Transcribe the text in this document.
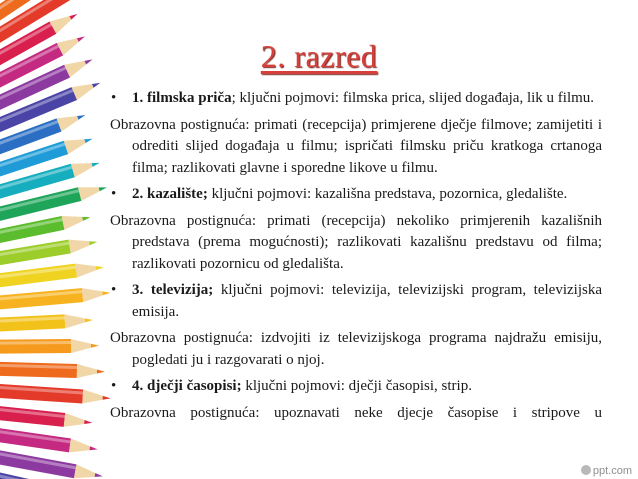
2. razred
• 1. filmska priča; ključni pojmovi: filmska prica, slijed događaja, lik u filmu.
Obrazovna postignuća: primati (recepcija) primjerene dječje filmove; zamijetiti i odrediti slijed događaja u filmu; ispričati filmsku priču kratkoga crtanoga filma; razlikovati glavne i sporedne likove u filmu.
• 2. kazalište; ključni pojmovi: kazališna predstava, pozornica, gledalište.
Obrazovna postignuća: primati (recepcija) nekoliko primjerenih kazališnih predstava (prema mogućnosti); razlikovati kazališnu predstavu od filma; razlikovati pozornicu od gledališta.
• 3. televizija; ključni pojmovi: televizija, televizijski program, televizijska emisija.
Obrazovna postignuća: izdvojiti iz televizijskoga programa najdražu emisiju, pogledati ju i razgovarati o njoj.
• 4. dječji časopisi; ključni pojmovi: dječji časopisi, strip.
Obrazovna postignuća: upoznavati neke djecje časopise i stripove u
ppt.com
